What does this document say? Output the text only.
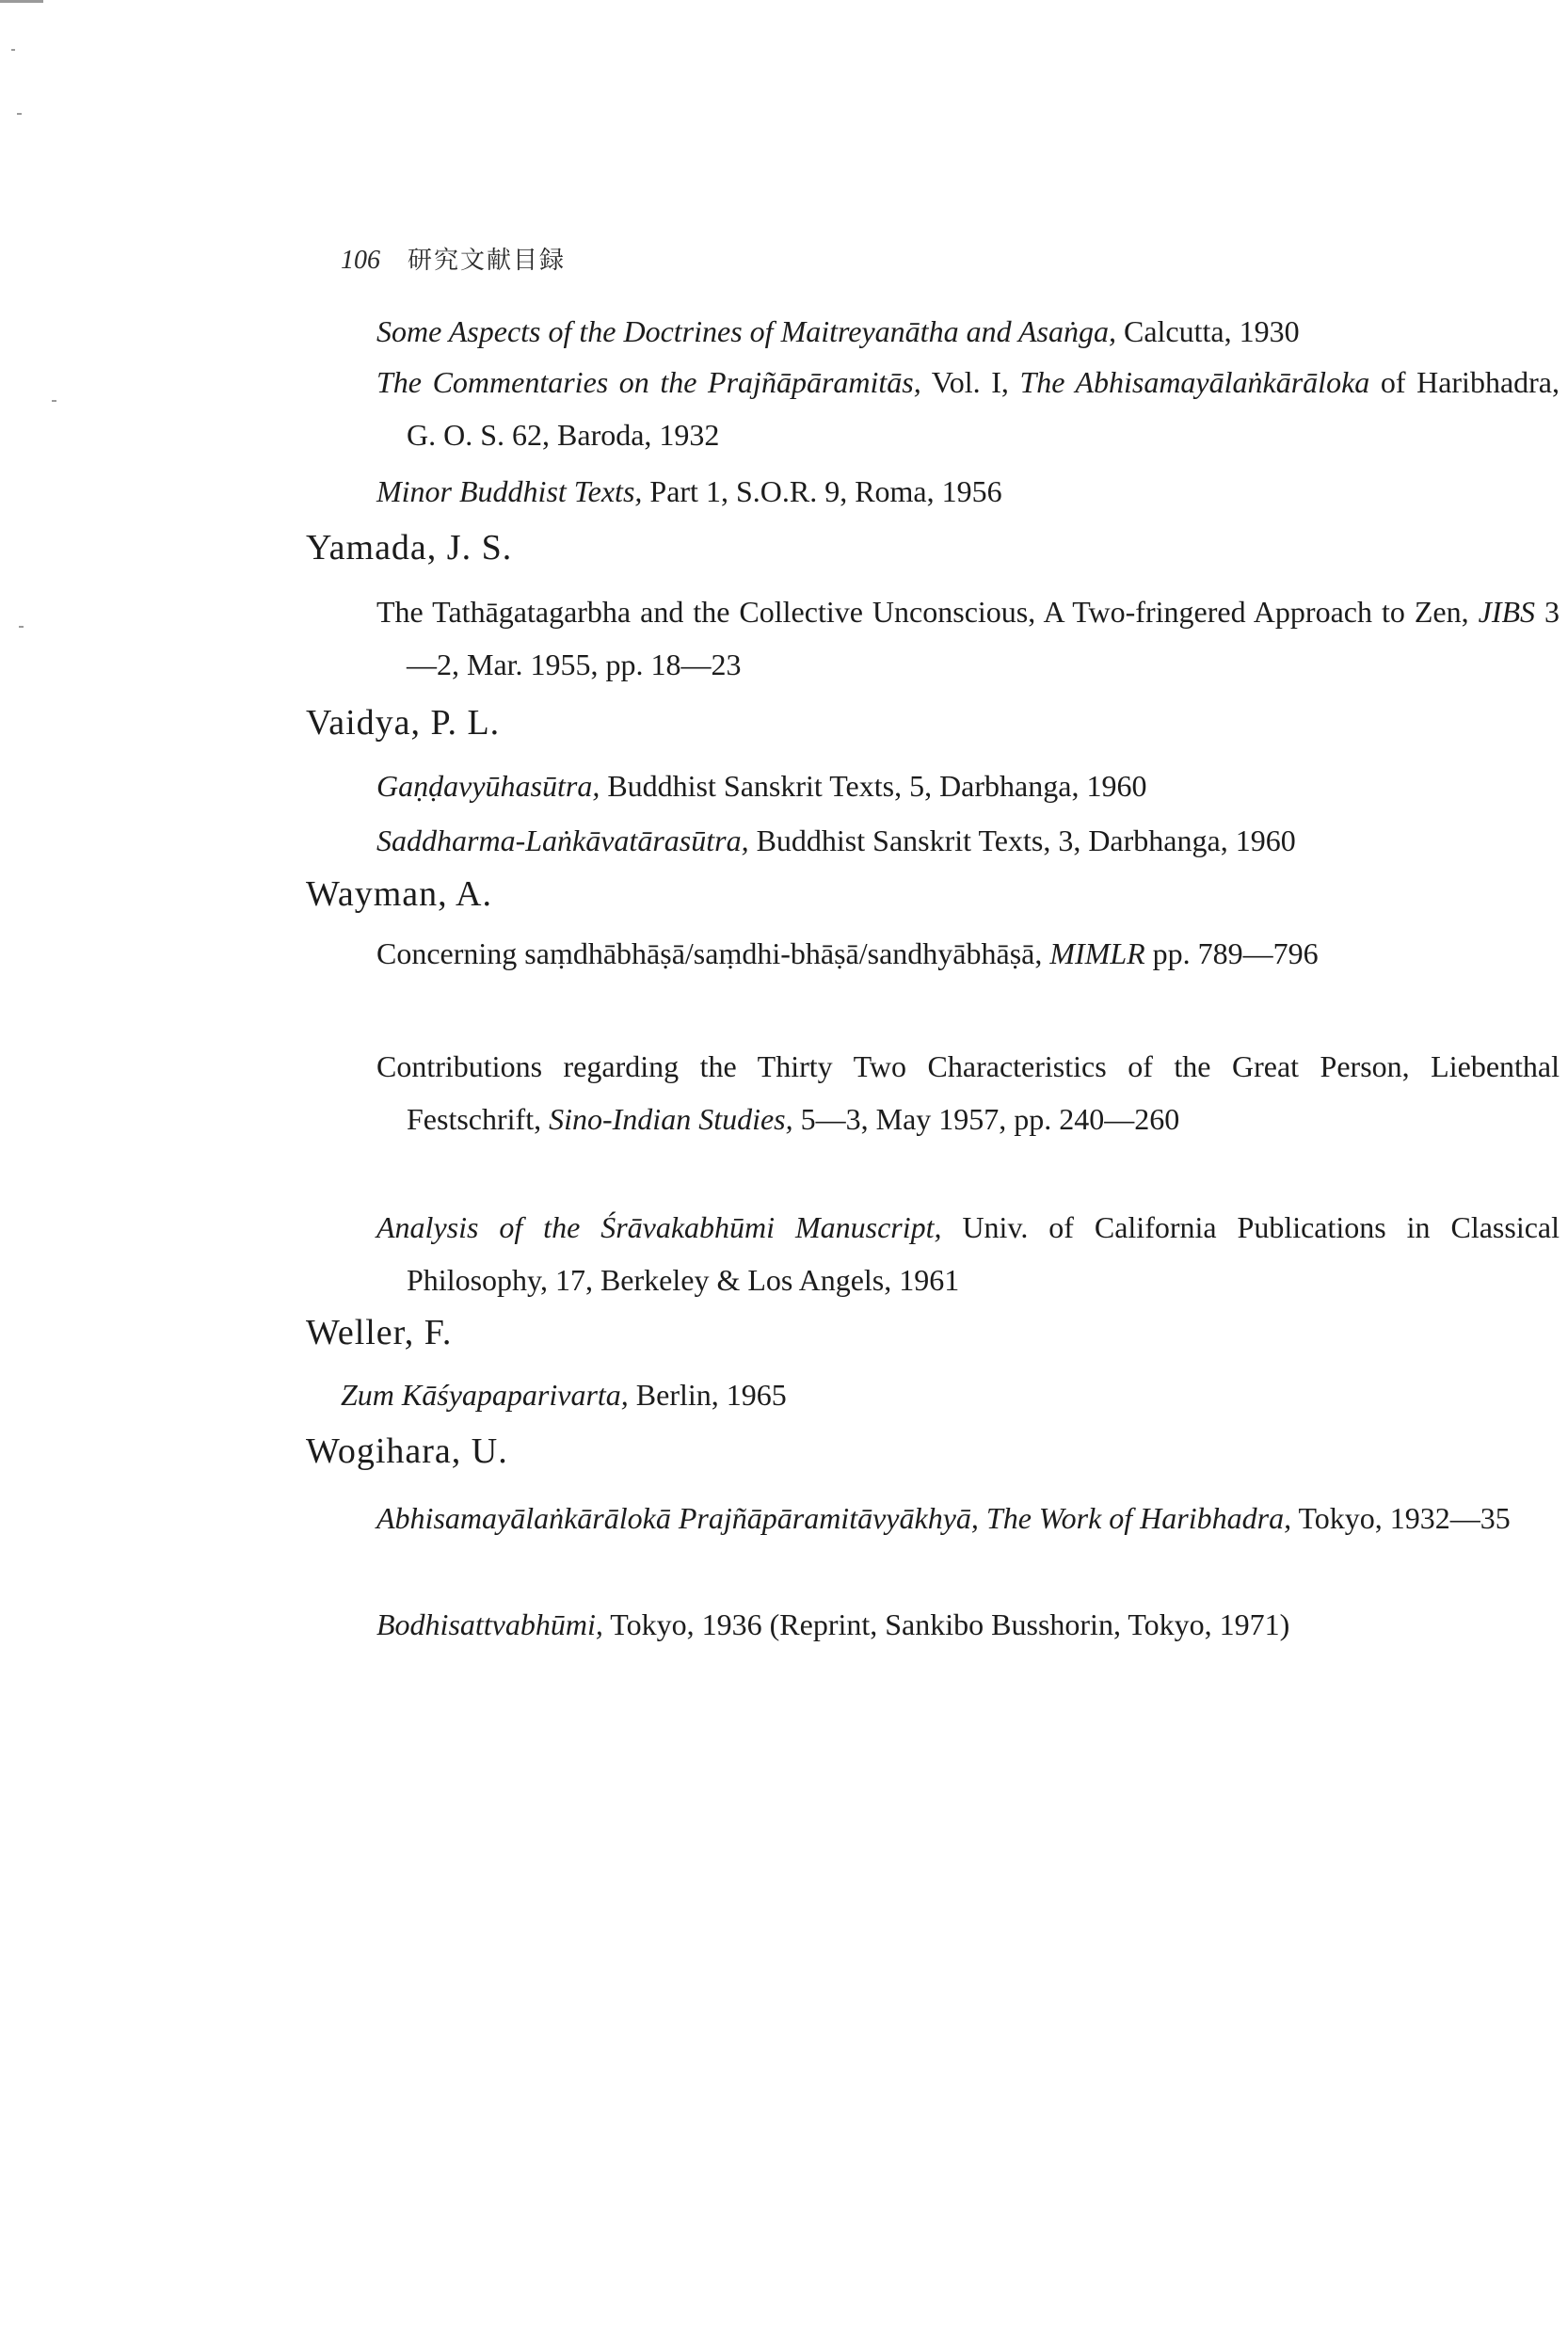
106 研究文献目録
Some Aspects of the Doctrines of Maitreyanātha and Asaṅga, Calcutta, 1930
The Commentaries on the Prajñāpāramitās, Vol. I, The Abhisamayālaṅkārāloka of Haribhadra, G. O. S. 62, Baroda, 1932
Minor Buddhist Texts, Part 1, S.O.R. 9, Roma, 1956
Yamada, J. S.
The Tathāgatagarbha and the Collective Unconscious, A Two-fringered Approach to Zen, JIBS 3—2, Mar. 1955, pp. 18—23
Vaidya, P. L.
Gaṇḍavyūhasūtra, Buddhist Sanskrit Texts, 5, Darbhanga, 1960
Saddharma-Laṅkāvatārasūtra, Buddhist Sanskrit Texts, 3, Darbhanga, 1960
Wayman, A.
Concerning saṃdhābhāṣā/saṃdhi-bhāṣā/sandhyābhāṣā, MIMLR pp. 789—796
Contributions regarding the Thirty Two Characteristics of the Great Person, Liebenthal Festschrift, Sino-Indian Studies, 5—3, May 1957, pp. 240—260
Analysis of the Śrāvakabhūmi Manuscript, Univ. of California Publications in Classical Philosophy, 17, Berkeley & Los Angels, 1961
Weller, F.
Zum Kāśyapaparivarta, Berlin, 1965
Wogihara, U.
Abhisamayālaṅkārālokā Prajñāpāramitāvyākhyā, The Work of Haribhadra, Tokyo, 1932—35
Bodhisattvabhūmi, Tokyo, 1936 (Reprint, Sankibo Busshorin, Tokyo, 1971)
